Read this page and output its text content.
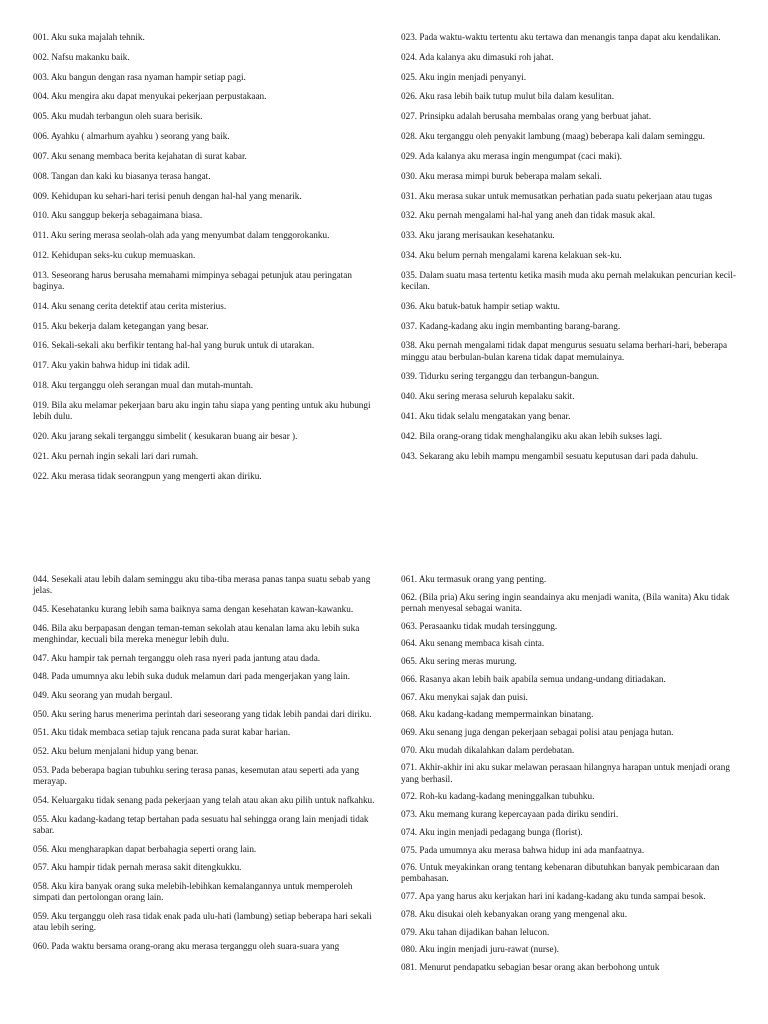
001. Aku suka majalah tehnik.

002. Nafsu makanku baik.

003. Aku bangun dengan rasa nyaman hampir setiap pagi.

004. Aku mengira aku dapat menyukai pekerjaan perpustakaan.

005. Aku mudah terbangun oleh suara berisik.

006. Ayahku ( almarhum ayahku ) seorang yang baik.

007. Aku senang membaca berita kejahatan di surat kabar.

008. Tangan dan kaki ku biasanya terasa hangat.

009. Kehidupan ku sehari-hari terisi penuh dengan hal-hal yang menarik.

010. Aku sanggup bekerja sebagaimana biasa.

011. Aku sering merasa seolah-olah ada yang menyumbat dalam tenggorokanku.

012. Kehidupan seks-ku cukup memuaskan.

013. Seseorang harus berusaha memahami mimpinya sebagai petunjuk atau peringatan baginya.

014. Aku senang cerita detektif atau cerita misterius.

015. Aku bekerja dalam ketegangan yang besar.

016. Sekali-sekali aku berfikir tentang hal-hal yang buruk untuk di utarakan.

017. Aku yakin bahwa hidup ini tidak adil.

018. Aku terganggu oleh serangan mual dan mutah-muntah.

019. Bila aku melamar pekerjaan baru aku ingin tahu siapa yang penting untuk aku hubungi lebih dulu.

020. Aku jarang sekali terganggu simbelit ( kesukaran buang air besar ).

021. Aku pernah ingin sekali lari dari rumah.

022. Aku merasa tidak seorangpun yang mengerti akan diriku.

023. Pada waktu-waktu tertentu aku tertawa dan menangis tanpa dapat aku kendalikan.

024. Ada kalanya aku dimasuki roh jahat.

025. Aku ingin menjadi penyanyi.

026. Aku rasa lebih baik tutup mulut bila dalam kesulitan.

027. Prinsipku adalah berusaha membalas orang yang berbuat jahat.

028. Aku terganggu oleh penyakit lambung (maag) beberapa kali dalam seminggu.

029. Ada kalanya aku merasa ingin mengumpat (caci maki).

030. Aku merasa mimpi buruk beberapa malam sekali.

031. Aku merasa sukar untuk memusatkan perhatian pada suatu pekerjaan atau tugas

032. Aku pernah mengalami hal-hal yang aneh dan tidak masuk akal.

033. Aku jarang merisaukan kesehatanku.

034. Aku belum pernah mengalami karena kelakuan sek-ku.

035. Dalam suatu masa tertentu ketika masih muda aku pernah melakukan pencurian kecil-kecilan.

036. Aku batuk-batuk hampir setiap waktu.

037. Kadang-kadang aku ingin membanting barang-barang.

038. Aku pernah mengalami tidak dapat mengurus sesuatu selama berhari-hari, beberapa minggu atau berbulan-bulan karena tidak dapat memulainya.

039. Tidurku sering terganggu dan terbangun-bangun.

040. Aku sering merasa seluruh kepalaku sakit.

041. Aku tidak selalu mengatakan yang benar.

042. Bila orang-orang tidak menghalangiku aku akan lebih sukses lagi.

043. Sekarang aku lebih mampu mengambil sesuatu keputusan dari pada dahulu.

044. Sesekali atau lebih dalam seminggu aku tiba-tiba merasa panas tanpa suatu sebab yang jelas.

045. Kesehatanku kurang lebih sama baiknya sama dengan kesehatan kawan-kawanku.

046. Bila aku berpapasan dengan teman-teman sekolah atau kenalan lama aku lebih suka menghindar, kecuali bila mereka menegur lebih dulu.

047. Aku hampir tak pernah terganggu oleh rasa nyeri pada jantung atau dada.

048. Pada umumnya aku lebih suka duduk melamun dari pada mengerjakan yang lain.

049. Aku seorang yan mudah bergaul.

050. Aku sering harus menerima perintah dari seseorang yang tidak lebih pandai dari diriku.

051. Aku tidak membaca setiap tajuk rencana pada surat kabar harian.

052. Aku belum menjalani hidup yang benar.

053. Pada beberapa bagian tubuhku sering terasa panas, kesemutan atau seperti ada yang merayap.

054. Keluargaku tidak senang pada pekerjaan yang telah atau akan aku pilih untuk nafkahku.

055. Aku kadang-kadang tetap bertahan pada sesuatu hal sehingga orang lain menjadi tidak sabar.

056. Aku mengharapkan dapat berbahagia seperti orang lain.

057. Aku hampir tidak pernah merasa sakit ditengkukku.

058. Aku kira banyak orang suka melebih-lebihkan kemalangannya untuk memperoleh simpati dan pertolongan orang lain.

059. Aku terganggu oleh rasa tidak enak pada ulu-hati (lambung) setiap beberapa hari sekali atau lebih sering.

060. Pada waktu bersama orang-orang aku merasa terganggu oleh suara-suara yang

061. Aku termasuk orang yang penting.

062. (Bila pria) Aku sering ingin seandainya aku menjadi wanita, (Bila wanita) Aku tidak pernah menyesal sebagai wanita.

063. Perasaanku tidak mudah tersinggung.

064. Aku senang membaca kisah cinta.

065. Aku sering meras murung.

066. Rasanya akan lebih baik apabila semua undang-undang ditiadakan.

067. Aku menykai sajak dan puisi.

068. Aku kadang-kadang mempermainkan binatang.

069. Aku senang juga dengan pekerjaan sebagai polisi atau penjaga hutan.

070. Aku mudah dikalahkan dalam perdebatan.

071. Akhir-akhir ini aku sukar melawan perasaan hilangnya harapan untuk menjadi orang yang berhasil.

072. Roh-ku kadang-kadang meninggalkan tubuhku.

073. Aku memang kurang kepercayaan pada diriku sendiri.

074. Aku ingin menjadi pedagang bunga (florist).

075. Pada umumnya aku merasa bahwa hidup ini ada manfaatnya.

076. Untuk meyakinkan orang tentang kebenaran dibutuhkan banyak pembicaraan dan pembahasan.

077. Apa yang harus aku kerjakan hari ini kadang-kadang aku tunda sampai besok.

078. Aku disukai oleh kebanyakan orang yang mengenal aku.

079. Aku tahan dijadikan bahan lelucon.

080. Aku ingin menjadi juru-rawat (nurse).

081. Menurut pendapatku sebagian besar orang akan berbohong untuk
